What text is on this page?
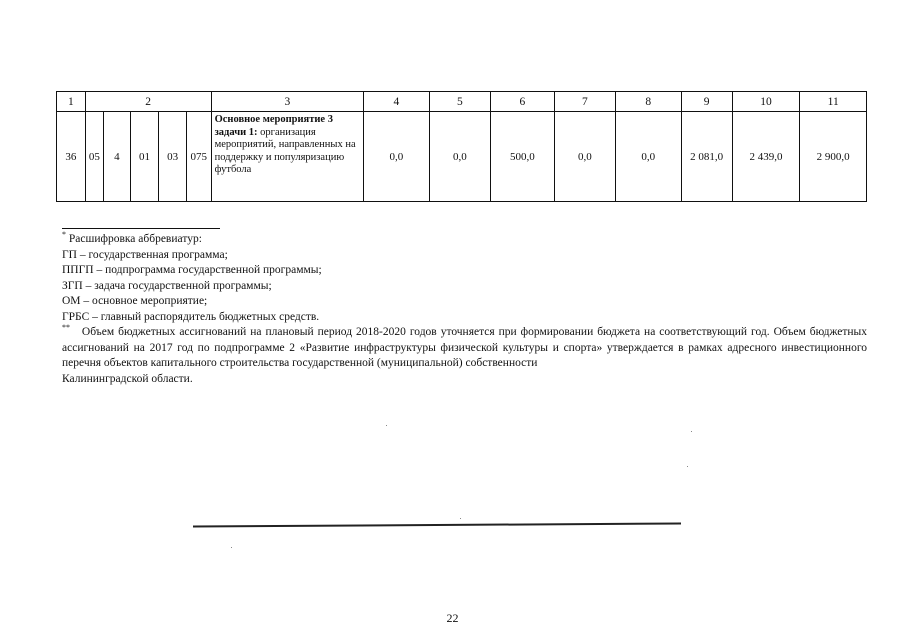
1	2					3	4	5	6	7	8	9	10	11
36	05	4	01	03	075	Основное мероприятие 3 задачи 1: организация мероприятий, направленных на поддержку и популяризацию футбола	0,0	0,0	500,0	0,0	0,0	2 081,0	2 439,0	2 900,0
* Расшифровка аббревиатур:
ГП – государственная программа;
ППГП – подпрограмма государственной программы;
ЗГП – задача государственной программы;
ОМ – основное мероприятие;
ГРБС – главный распорядитель бюджетных средств.
** Объем бюджетных ассигнований на плановый период 2018-2020 годов уточняется при формировании бюджета на соответствующий год. Объем бюджетных ассигнований на 2017 год по подпрограмме 2 «Развитие инфраструктуры физической культуры и спорта» утверждается в рамках адресного инвестиционного перечня объектов капитального строительства государственной (муниципальной) собственности
Калининградской области.
22
